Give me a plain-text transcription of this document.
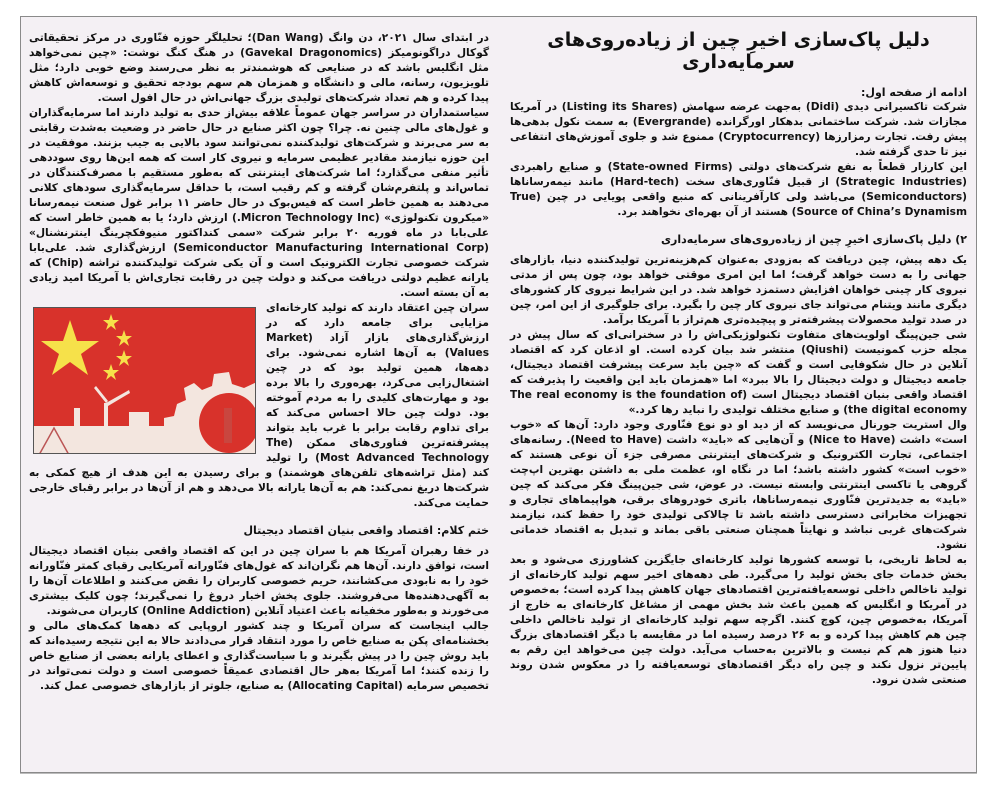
دلیل پاک‌سازی اخیرِ چین از زیاده‌روی‌های سرمایه‌داری

ادامه از صفحه اول:

شرکت تاکسیرانی دیدی (Didi) به‌جهت عرضه سهامش (Listing its Shares) در آمریکا مجازات شد. شرکت ساختمانی بدهکار اورگرانده (Evergrande) به سمت نکول بدهی‌ها پیش رفت. تجارت رمزارزها (Cryptocurrency) ممنوع شد و جلوی آموزش‌های انتفاعی نیز تا حدی گرفته شد.

این کارزار قطعاً به نفع شرکت‌های دولتی (State-owned Firms) و صنایع راهبردی (Strategic Industries) از قبیل فنّاوری‌های سخت (Hard-tech) مانند نیمه‌رسانا‌ها (Semiconductors) می‌باشد ولی کارآفرینانی که منبع واقعی پویایی در چین (True Source of China’s Dynamism) هستند از آن بهره‌ای نخواهند برد.

۲) دلیل پاک‌سازی اخیرِ چین از زیاده‌روی‌های سرمایه‌داری

یک دهه پیش، چین دریافت که به‌زودی به‌عنوان کم‌هزینه‌ترین تولیدکننده دنیا، بازارهای جهانی را به دست خواهد گرفت؛ اما این امری موقتی خواهد بود، چون پس از مدتی نیروی کار چینی خواهان افزایش دستمزد خواهد شد. در این شرایط نیروی کار کشورهای دیگری مانند ویتنام می‌تواند جای نیروی کار چین را بگیرد. برای جلوگیری از این امر، چین در صدد تولید محصولات پیشرفته‌تر و پیچیده‌تری هم‌تراز با آمریکا برآمد.

شی جین‌پینگ اولویت‌های متفاوت تکنولوژیکی‌اش را در سخنرانی‌ای که سال پیش در مجله حزب کمونیست (Qiushi) منتشر شد بیان کرده است. او اذعان کرد که اقتصاد آنلاین در حال شکوفایی است و گفت که «چین باید سرعت پیشرفت اقتصاد دیجیتال، جامعه دیجیتال و دولت دیجیتال را بالا ببرد» اما «همزمان باید این واقعیت را پذیرفت که اقتصاد واقعی بنیان اقتصاد دیجیتال است (The real economy is the foundation of the digital economy) و صنایع مختلف تولیدی را نباید رها کرد.»

وال استریت جورنال می‌نویسد که از دید او دو نوع فنّاوری وجود دارد: آن‌ها که «خوب است» داشت (Nice to Have) و آن‌هایی که «باید» داشت (Need to Have). رسانه‌های اجتماعی، تجارت الکترونیک و شرکت‌های اینترنتی مصرفی جزء آن نوعی هستند که «خوب است» کشور داشته باشد؛ اما در نگاه او، عظمت ملی به داشتن بهترین اپ‌چت گروهی یا تاکسی اینترنتی وابسته نیست. در عوض، شی جین‌پینگ فکر می‌کند که چین «باید» به جدیدترین فنّاوری نیمه‌رسانا‌ها، باتری خودروهای برقی، هواپیماهای تجاری و تجهیزات مخابراتی دسترسی داشته باشد تا چالاکی تولیدی خود را حفظ کند، نیازمند شرکت‌های غربی نباشد و نهایتاً همچنان صنعتی باقی بماند و تبدیل به اقتصاد خدماتی نشود.

به لحاظ تاریخی، با توسعه کشورها تولید کارخانه‌ای جایگزین کشاورزی می‌شود و بعد بخش خدمات جای بخش تولید را می‌گیرد. طی دهه‌های اخیر سهم تولید کارخانه‌ای از تولید ناخالص داخلی توسعه‌یافته‌ترین اقتصادهای جهان کاهش پیدا کرده است؛ به‌خصوص در آمریکا و انگلیس که همین باعث شد بخش مهمی از مشاغل کارخانه‌ای به خارج از آمریکا، به‌خصوص چین، کوچ کنند. اگرچه سهم تولید کارخانه‌ای از تولید ناخالص داخلی چین هم کاهش پیدا کرده و به ۲۶ درصد رسیده اما در مقایسه با دیگر اقتصادهای بزرگ دنیا هنوز هم کم نیست و بالاترین به‌حساب می‌آید. دولت چین می‌خواهد این رقم به پایین‌تر نزول نکند و چین راه دیگر اقتصادهای توسعه‌یافته را در معکوس شدن روند صنعتی شدن نرود.

در ابتدای سال ۲۰۲۱، دن وانگ (Dan Wang)؛ تحلیلگر حوزه فنّاوری در مرکز تحقیقاتی گوکال دراگونومیکز (Gavekal Dragonomics) در هنگ کنگ نوشت: «چین نمی‌خواهد مثل انگلیس باشد که در صنایعی که هوشمندتر به نظر می‌رسند وضع خوبی دارد؛ مثل تلویزیون، رسانه، مالی و دانشگاه و همزمان هم سهم بودجه تحقیق و توسعه‌اش کاهش پیدا کرده و هم تعداد شرکت‌های تولیدی بزرگ جهانی‌اش در حال افول است.

سیاستمداران در سراسر جهان عموماً علاقه بیش‌از حدی به تولید دارند اما سرمایه‌گذاران و غول‌های مالی چنین نه. چرا؟ چون اکثر صنایع در حال حاضر در وضعیت به‌شدت رقابتی به سر می‌برند و شرکت‌های تولیدکننده نمی‌توانند سود بالایی به جیب بزنند. موفقیت در این حوزه نیازمند مقادیر عظیمی سرمایه و نیروی کار است که همه این‌ها روی سوددهی تأثیر منفی می‌گذارد؛ اما شرکت‌های اینترنتی که به‌طور مستقیم با مصرف‌کنندگان در تماس‌اند و پلتفرم‌شان گرفته و کم رقیب است، با حداقل سرمایه‌گذاری سودهای کلانی می‌دهند به همین خاطر است که فیس‌بوک در حال حاضر ۱۱ برابر غول صنعت نیمه‌رسانا «میکرون تکنولوژی» (Micron Technology Inc.) ارزش دارد؛ یا به همین خاطر است که علی‌بابا در ماه فوریه ۲۰ برابر شرکت «سمی کنداکتور منیوفکچرینگ اینترنشنال» (Semiconductor Manufacturing International Corp) ارزش‌گذاری شد. علی‌بابا شرکت خصوصی تجارت الکترونیک است و آن یکی شرکت تولیدکننده تراشه (Chip) که یارانه عظیم دولتی دریافت می‌کند و دولت چین در رقابت تجاری‌اش با آمریکا امید زیادی به آن بسته است.

سران چین اعتقاد دارند که تولید کارخانه‌ای مزایایی برای جامعه دارد که در ارزش‌گذاری‌های بازار آزاد (Market Values) به آن‌ها اشاره نمی‌شود. برای دهه‌ها، همین تولید بود که در چین اشتغال‌زایی می‌کرد، بهره‌وری را بالا برده بود و مهارت‌های کلیدی را به مردم آموخته بود. دولت چین حالا احساس می‌کند که برای تداوم رقابت برابر با غرب باید بتواند پیشرفته‌ترین فناوری‌های ممکن (The Most Advanced Technology) را تولید کند (مثل تراشه‌های تلفن‌های هوشمند) و برای رسیدن به این هدف از هیچ کمکی به شرکت‌ها دریغ نمی‌کند: هم به آن‌ها یارانه بالا می‌دهد و هم از آن‌ها در برابر رقبای خارجی حمایت می‌کند.

ختم کلام: اقتصاد واقعی بنیان اقتصاد دیجیتال

در خفا رهبران آمریکا هم با سران چین در این که اقتصاد واقعی بنیان اقتصاد دیجیتال است، توافق دارند. آن‌ها هم نگران‌اند که غول‌های فنّاورانه آمریکایی رقبای کمتر فنّاورانه خود را به نابودی می‌کشانند، حریم خصوصی کاربران را نقض می‌کنند و اطلاعات آن‌ها را به آگهی‌دهنده‌ها می‌فروشند. جلوی پخش اخبار دروغ را نمی‌گیرند؛ چون کلیک بیشتری می‌خورند و به‌طور مخفیانه باعث اعتیاد آنلاین (Online Addiction) کاربران می‌شوند.

جالب اینجاست که سران آمریکا و چند کشور اروپایی که دهه‌ها کمک‌های مالی و بخشنامه‌ای پکن به صنایع خاص را مورد انتقاد قرار می‌دادند حالا به این نتیجه رسیده‌اند که باید روش چین را در پیش بگیرند و با سیاست‌گذاری و اعطای یارانه بعضی از صنایع خاص را زنده کنند؛ اما آمریکا به‌هر حال اقتصادی عمیقاً خصوصی است و دولت نمی‌تواند در تخصیص سرمایه (Allocating Capital) به صنایع، جلوتر از بازارهای خصوصی عمل کند.
